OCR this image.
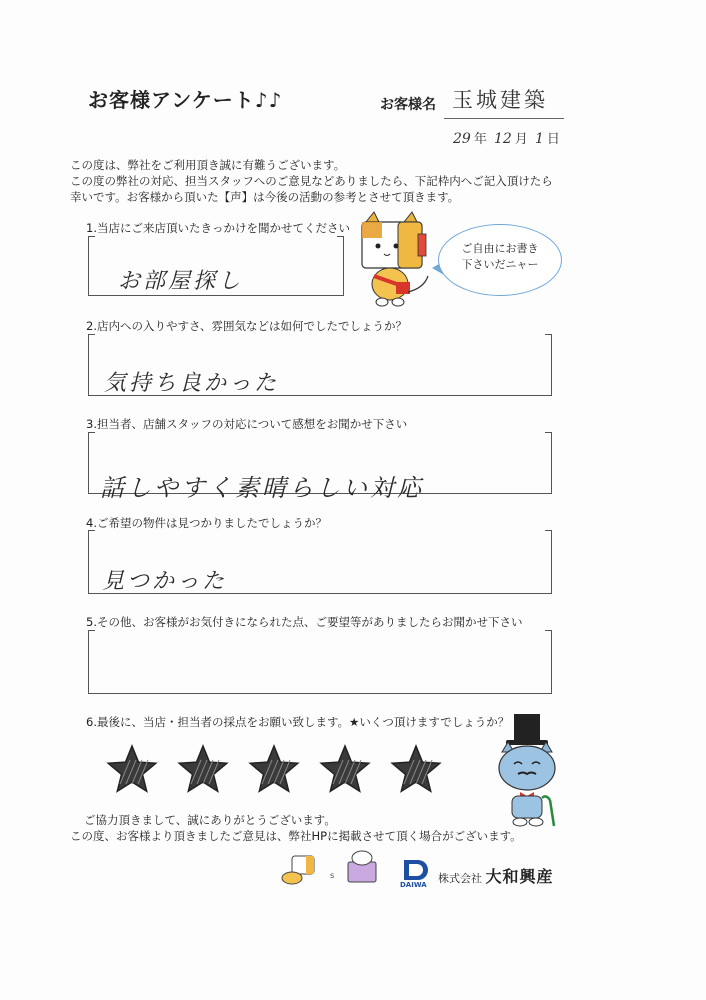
お客様アンケート♪♪	お客様名 玉城建築
29 年 12 月 1 日
この度は、弊社をご利用頂き誠に有難うございます。
この度の弊社の対応、担当スタッフへのご意見などありましたら、下記枠内へご記入頂けたら
幸いです。お客様から頂いた【声】は今後の活動の参考とさせて頂きます。
1.当店にご来店頂いたきっかけを聞かせてください
お部屋探し
ご自由にお書き
下さいだニャー
2.店内への入りやすさ、雰囲気などは如何でしたでしょうか？
気持ち良かった
3.担当者、店舗スタッフの対応について感想をお聞かせ下さい
話しやすく素晴らしい対応
4.ご希望の物件は見つかりましたでしょうか？
見つかった
5.その他、お客様がお気付きになられた点、ご要望等がありましたらお聞かせ下さい
6.最後に、当店・担当者の採点をお願い致します。★いくつ頂けますでしょうか？
ご協力頂きまして、誠にありがとうございます。
この度、お客様より頂きましたご意見は、弊社HPに掲載させて頂く場合がございます。
s
DAIWA 株式会社 大和興産
